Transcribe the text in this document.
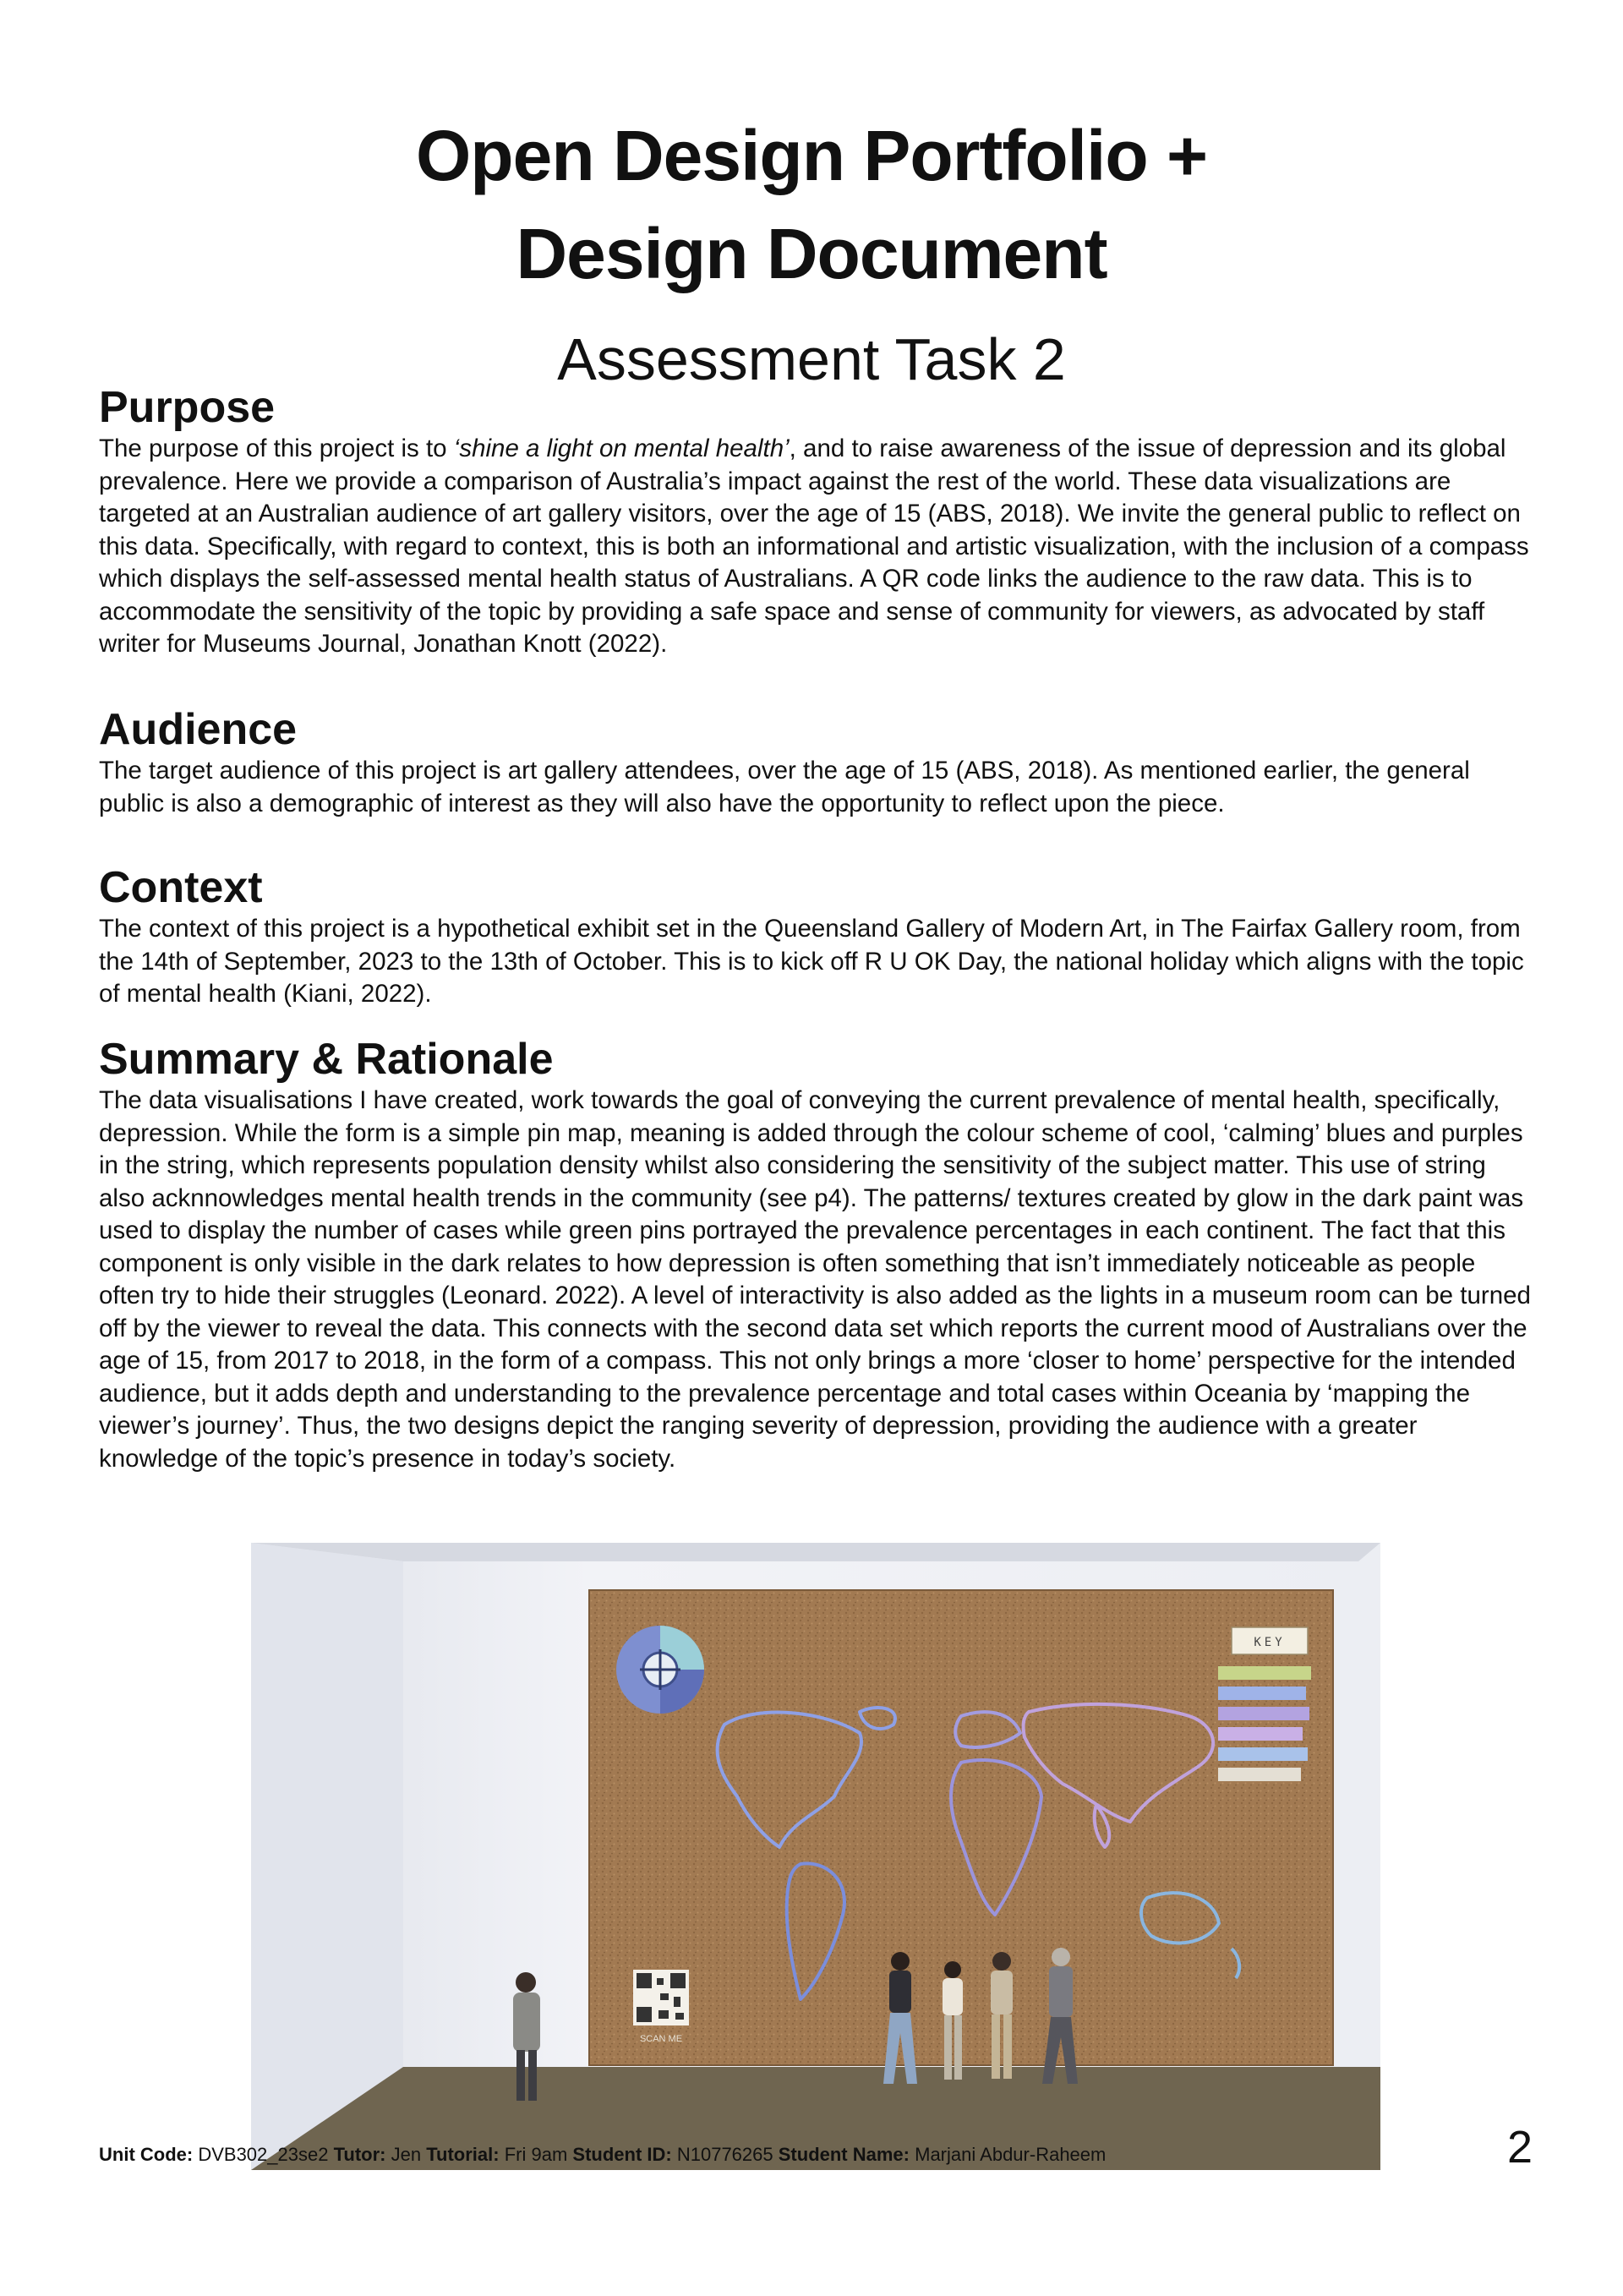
Open Design Portfolio +
Design Document
Assessment Task 2
Purpose

The purpose of this project is to ‘shine a light on mental health’, and to raise awareness of the issue of depression and its global prevalence. Here we provide a comparison of Australia’s impact against the rest of the world. These data visualizations are targeted at an Australian audience of art gallery visitors, over the age of 15 (ABS, 2018). We invite the general public to reflect on this data. Specifically, with regard to context, this is both an informational and artistic visualization, with the inclusion of a compass which displays the self-assessed mental health status of Australians. A QR code links the audience to the raw data. This is to accommodate the sensitivity of the topic by providing a safe space and sense of community for viewers, as advocated by staff writer for Museums Journal, Jonathan Knott (2022).

Audience

The target audience of this project is art gallery attendees, over the age of 15 (ABS, 2018). As mentioned earlier, the general public is also a demographic of interest as they will also have the opportunity to reflect upon the piece.

Context

The context of this project is a hypothetical exhibit set in the Queensland Gallery of Modern Art, in The Fairfax Gallery room, from the 14th of September, 2023 to the 13th of October. This is to kick off R U OK Day, the national holiday which aligns with the topic of mental health (Kiani, 2022).

Summary & Rationale

The data visualisations I have created, work towards the goal of conveying the current prevalence of mental health, specifically, depression. While the form is a simple pin map, meaning is added through the colour scheme of cool, ‘calming’ blues and purples in the string, which represents population density whilst also considering the sensitivity of the subject matter. This use of string also acknnowledges mental health trends in the community (see p4). The patterns/ textures created by glow in the dark paint was used to display the number of cases while green pins portrayed the prevalence percentages in each continent. The fact that this component is only visible in the dark relates to how depression is often something that isn’t immediately noticeable as people often try to hide their struggles (Leonard. 2022). A level of interactivity is also added as the lights in a museum room can be turned off by the viewer to reveal the data. This connects with the second data set which reports the current mood of Australians over the age of 15, from 2017 to 2018, in the form of a compass. This not only brings a more ‘closer to home’ perspective for the intended audience, but it adds depth and understanding to the prevalence percentage and total cases within Oceania by ‘mapping the viewer’s journey’. Thus, the two designs depict the ranging severity of depression, providing the audience with a greater knowledge of the topic’s presence in today’s society.

KEY
SCAN ME
Unit Code: DVB302_23se2 Tutor: Jen Tutorial: Fri 9am Student ID: N10776265 Student Name: Marjani Abdur-Raheem	2
